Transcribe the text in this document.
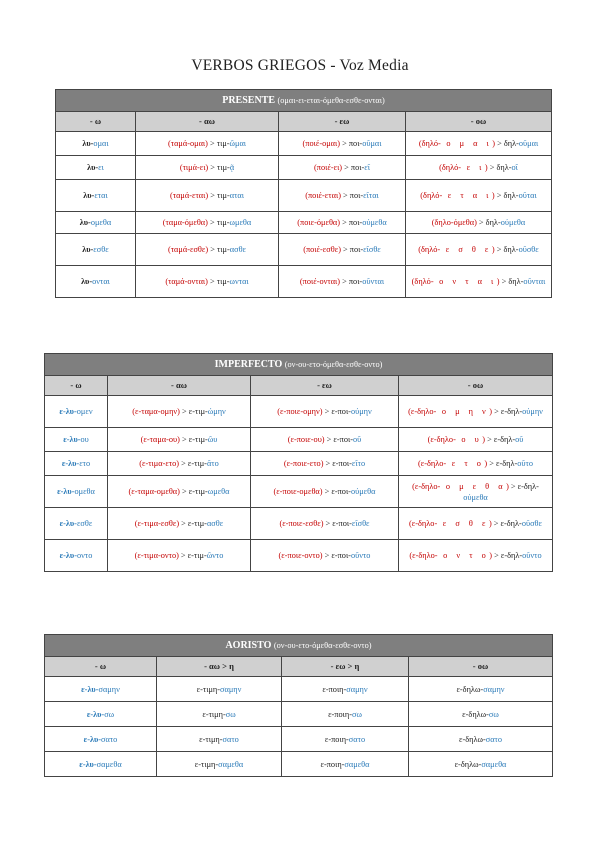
VERBOS GRIEGOS - Voz Media
PRESENTE (ομαι-ει-εται-όμεθα-εσθε-ονται)			
- ω	- αω	- εω	- οω
λυ-ομαι	(ταμά-ομαι) > τιμ-ῶμαι	(ποιέ-ομαι) > ποι-οῦμαι	(δηλό- ο μ α ι) > δηλ-οῦμαι
λυ-ει	(τιμά-ει) > τιμ-ᾷ	(ποιέ-ει) > ποι-εῖ	(δηλό- ε ι) > δηλ-οῖ
λυ-εται	(ταμά-εται) > τιμ-αται	(ποιέ-εται) > ποι-εῖται	(δηλό- ε τ α ι) > δηλ-οῦται
λυ-ομεθα	(ταμα-όμεθα) > τιμ-ωμεθα	(ποιε-όμεθα) > ποι-ούμεθα	(δηλο-όμεθα) > δηλ-ούμεθα
λυ-εσθε	(ταμά-εσθε) > τιμ-ασθε	(ποιέ-εσθε) > ποι-εῖσθε	(δηλό- ε σ θ ε) > δηλ-οῦσθε
λυ-ονται	(ταμά-ονται) > τιμ-ωνται	(ποιέ-ονται) > ποι-οῦνται	(δηλό- ο ν τ α ι) > δηλ-οῦνται
IMPERFECTO (ον-ου-ετο-όμεθα-εσθε-οντο)			
- ω	- αω	- εω	- οω
ε-λυ-ομεν	(ε-ταμα-ομην) > ε-τιμ-ώμην	(ε-ποιε-ομην) > ε-ποι-ούμην	(ε-δηλο- ο μ η ν) > ε-δηλ-ούμην
ε-λυ-ου	(ε-ταμα-ου) > ε-τιμ-ῶυ	(ε-ποιε-ου) > ε-ποι-οῦ	(ε-δηλο- ο υ) > ε-δηλ-οῦ
ε-λυ-ετο	(ε-τιμα-ετο) > ε-τιμ-ᾶτο	(ε-ποιε-ετο) > ε-ποι-εῖτο	(ε-δηλο- ε τ ο) > ε-δηλ-οῦτο
ε-λυ-ομεθα	(ε-ταμα-ομεθα) > ε-τιμ-ωμεθα	(ε-ποιε-ομεθα) > ε-ποι-ούμεθα	(ε-δηλο- ο μ ε θ α) > ε-δηλ-ούμεθα
ε-λυ-εσθε	(ε-τιμα-εσθε) > ε-τιμ-ασθε	(ε-ποιε-εσθε) > ε-ποι-εῖσθε	(ε-δηλο- ε σ θ ε) > ε-δηλ-οῦσθε
ε-λυ-οντο	(ε-τιμα-οντο) > ε-τιμ-ῶντο	(ε-ποιε-οντο) > ε-ποι-οῦντο	(ε-δηλο- ο ν τ ο) > ε-δηλ-οῦντο
AORISTO (ον-ου-ετο-όμεθα-εσθε-οντο)			
- ω	- αω > η	- εω > η	- οω
ε-λυ-σαμην	ε-τιμη-σαμην	ε-ποιη-σαμην	ε-δηλω-σαμην
ε-λυ-σω	ε-τιμη-σω	ε-ποιη-σω	ε-δηλω-σω
ε-λυ-σατο	ε-τιμη-σατο	ε-ποιη-σατο	ε-δηλω-σατο
ε-λυ-σαμεθα	ε-τιμη-σαμεθα	ε-ποιη-σαμεθα	ε-δηλω-σαμεθα
